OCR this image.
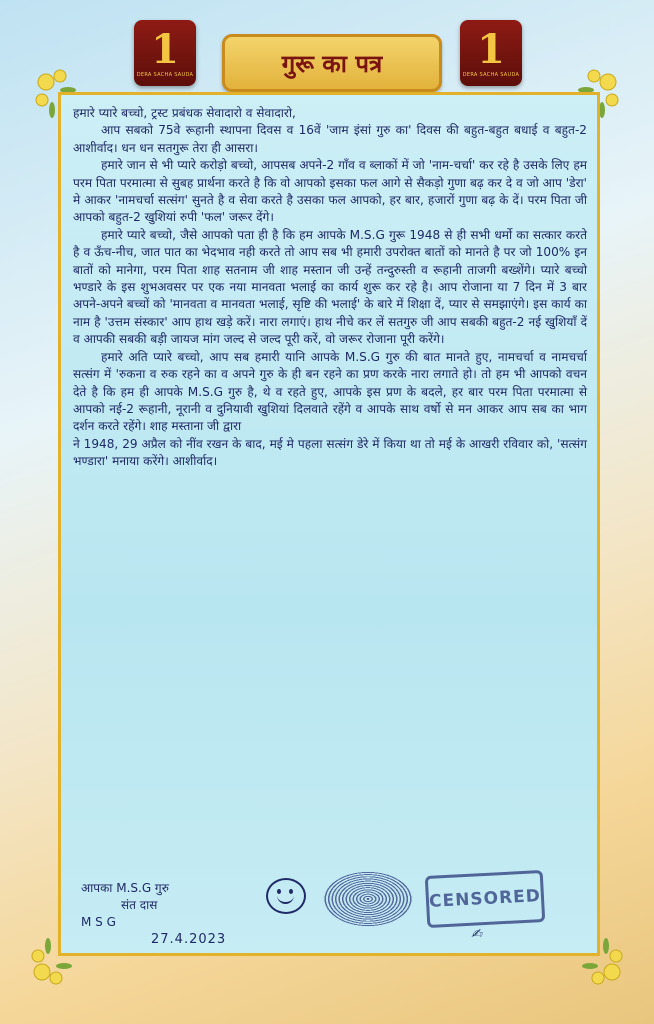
1
DERA SACHA SAUDA
1
DERA SACHA SAUDA
गुरू का पत्र

हमारे प्यारे बच्चो, ट्रस्ट प्रबंधक सेवादारो व सेवादारो,

आप सबको 75वे रूहानी स्थापना दिवस व 16वें 'जाम इंसां गुरु का' दिवस की बहुत-बहुत बधाई व बहुत-2 आशीर्वाद। धन धन सतगुरू तेरा ही आसरा।

हमारे जान से भी प्यारे करोड़ो बच्चो, आपसब अपने-2 गाँव व ब्लाकों में जो 'नाम-चर्चा' कर रहे है उसके लिए हम परम पिता परमात्मा से सुबह प्रार्थना करते है कि वो आपको इसका फल आगे से सैकड़ो गुणा बढ़ कर दे व जो आप 'डेरा' मे आकर 'नामचर्चा सत्संग' सुनते है व सेवा करते है उसका फल आपको, हर बार, हजारों गुणा बढ़ के दें। परम पिता जी आपको बहुत-2 खुशियां रुपी 'फल' जरूर देंगे।

हमारे प्यारे बच्चो, जैसे आपको पता ही है कि हम आपके M.S.G गुरू 1948 से ही सभी धर्मो का सत्कार करते है व ऊँच-नीच, जात पात का भेदभाव नही करते तो आप सब भी हमारी उपरोक्त बातों को मानते है पर जो 100% इन बातों को मानेगा, परम पिता शाह सतनाम जी शाह मस्तान जी उन्हें तन्दुरुस्ती व रूहानी ताजगी बख्शेंगे। प्यारे बच्चो भण्डारे के इस शुभअवसर पर एक नया मानवता भलाई का कार्य शुरू कर रहे है। आप रोजाना या 7 दिन में 3 बार अपने-अपने बच्चों को 'मानवता व मानवता भलाई, सृष्टि की भलाई' के बारे में शिक्षा दें, प्यार से समझाएंगे। इस कार्य का नाम है 'उत्तम संस्कार' आप हाथ खड़े करें। नारा लगाएं। हाथ नीचे कर लें सतगुरु जी आप सबकी बहुत-2 नई खुशियाँ दें व आपकी सबकी बड़ी जायज मांग जल्द से जल्द पूरी करें, वो जरूर रोजाना पूरी करेंगे।

हमारे अति प्यारे बच्चो, आप सब हमारी यानि आपके M.S.G गुरु की बात मानते हुए, नामचर्चा व नामचर्चा सत्संग में 'रुकना व रुक रहने का व अपने गुरु के ही बन रहने का प्रण करके नारा लगाते हो। तो हम भी आपको वचन देते है कि हम ही आपके M.S.G गुरु है, थे व रहते हुए, आपके इस प्रण के बदले, हर बार परम पिता परमात्मा से आपको नई-2 रूहानी, नूरानी व दुनियावी खुशियां दिलवाते रहेंगे व आपके साथ वर्षो से मन आकर आप सब का भाग दर्शन करते रहेंगे। शाह मस्ताना जी द्वारा

ने 1948, 29 अप्रैल को नींव रखन के बाद, मई मे पहला सत्संग डेरे में किया था तो मई के आखरी रविवार को, 'सत्संग भण्डारा' मनाया करेंगे। आशीर्वाद।

आपका M.S.G गुरु
संत दास
M S G
27.4.2023
CENSORED
✍︎
